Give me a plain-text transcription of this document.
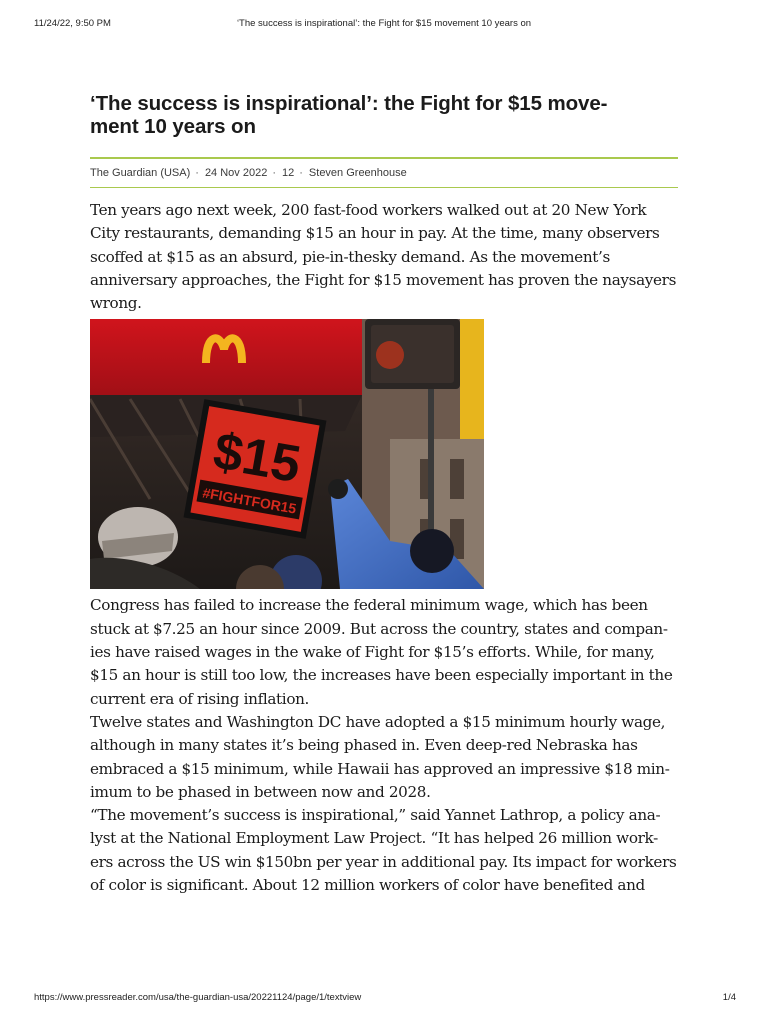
11/24/22, 9:50 PM	‘The success is inspirational’: the Fight for $15 movement 10 years on
‘The success is inspirational’: the Fight for $15 move-
ment 10 years on
The Guardian (USA) · 24 Nov 2022 · 12 · Steven Greenhouse

Ten years ago next week, 200 fast-food workers walked out at 20 New York
City restaurants, demanding $15 an hour in pay. At the time, many observers
scoffed at $15 as an absurd, pie-in-thesky demand. As the movement’s
anniversary approaches, the Fight for $15 movement has proven the naysayers
wrong.

$15
#FIGHTFOR15

Congress has failed to increase the federal minimum wage, which has been
stuck at $7.25 an hour since 2009. But across the country, states and compan-
ies have raised wages in the wake of Fight for $15’s efforts. While, for many,
$15 an hour is still too low, the increases have been especially important in the
current era of rising inflation.

Twelve states and Washington DC have adopted a $15 minimum hourly wage,
although in many states it’s being phased in. Even deep-red Nebraska has
embraced a $15 minimum, while Hawaii has approved an impressive $18 min-
imum to be phased in between now and 2028.

“The movement’s success is inspirational,” said Yannet Lathrop, a policy ana-
lyst at the National Employment Law Project. “It has helped 26 million work-
ers across the US win $150bn per year in additional pay. Its impact for workers
of color is significant. About 12 million workers of color have benefited and

https://www.pressreader.com/usa/the-guardian-usa/20221124/page/1/textview	1/4
